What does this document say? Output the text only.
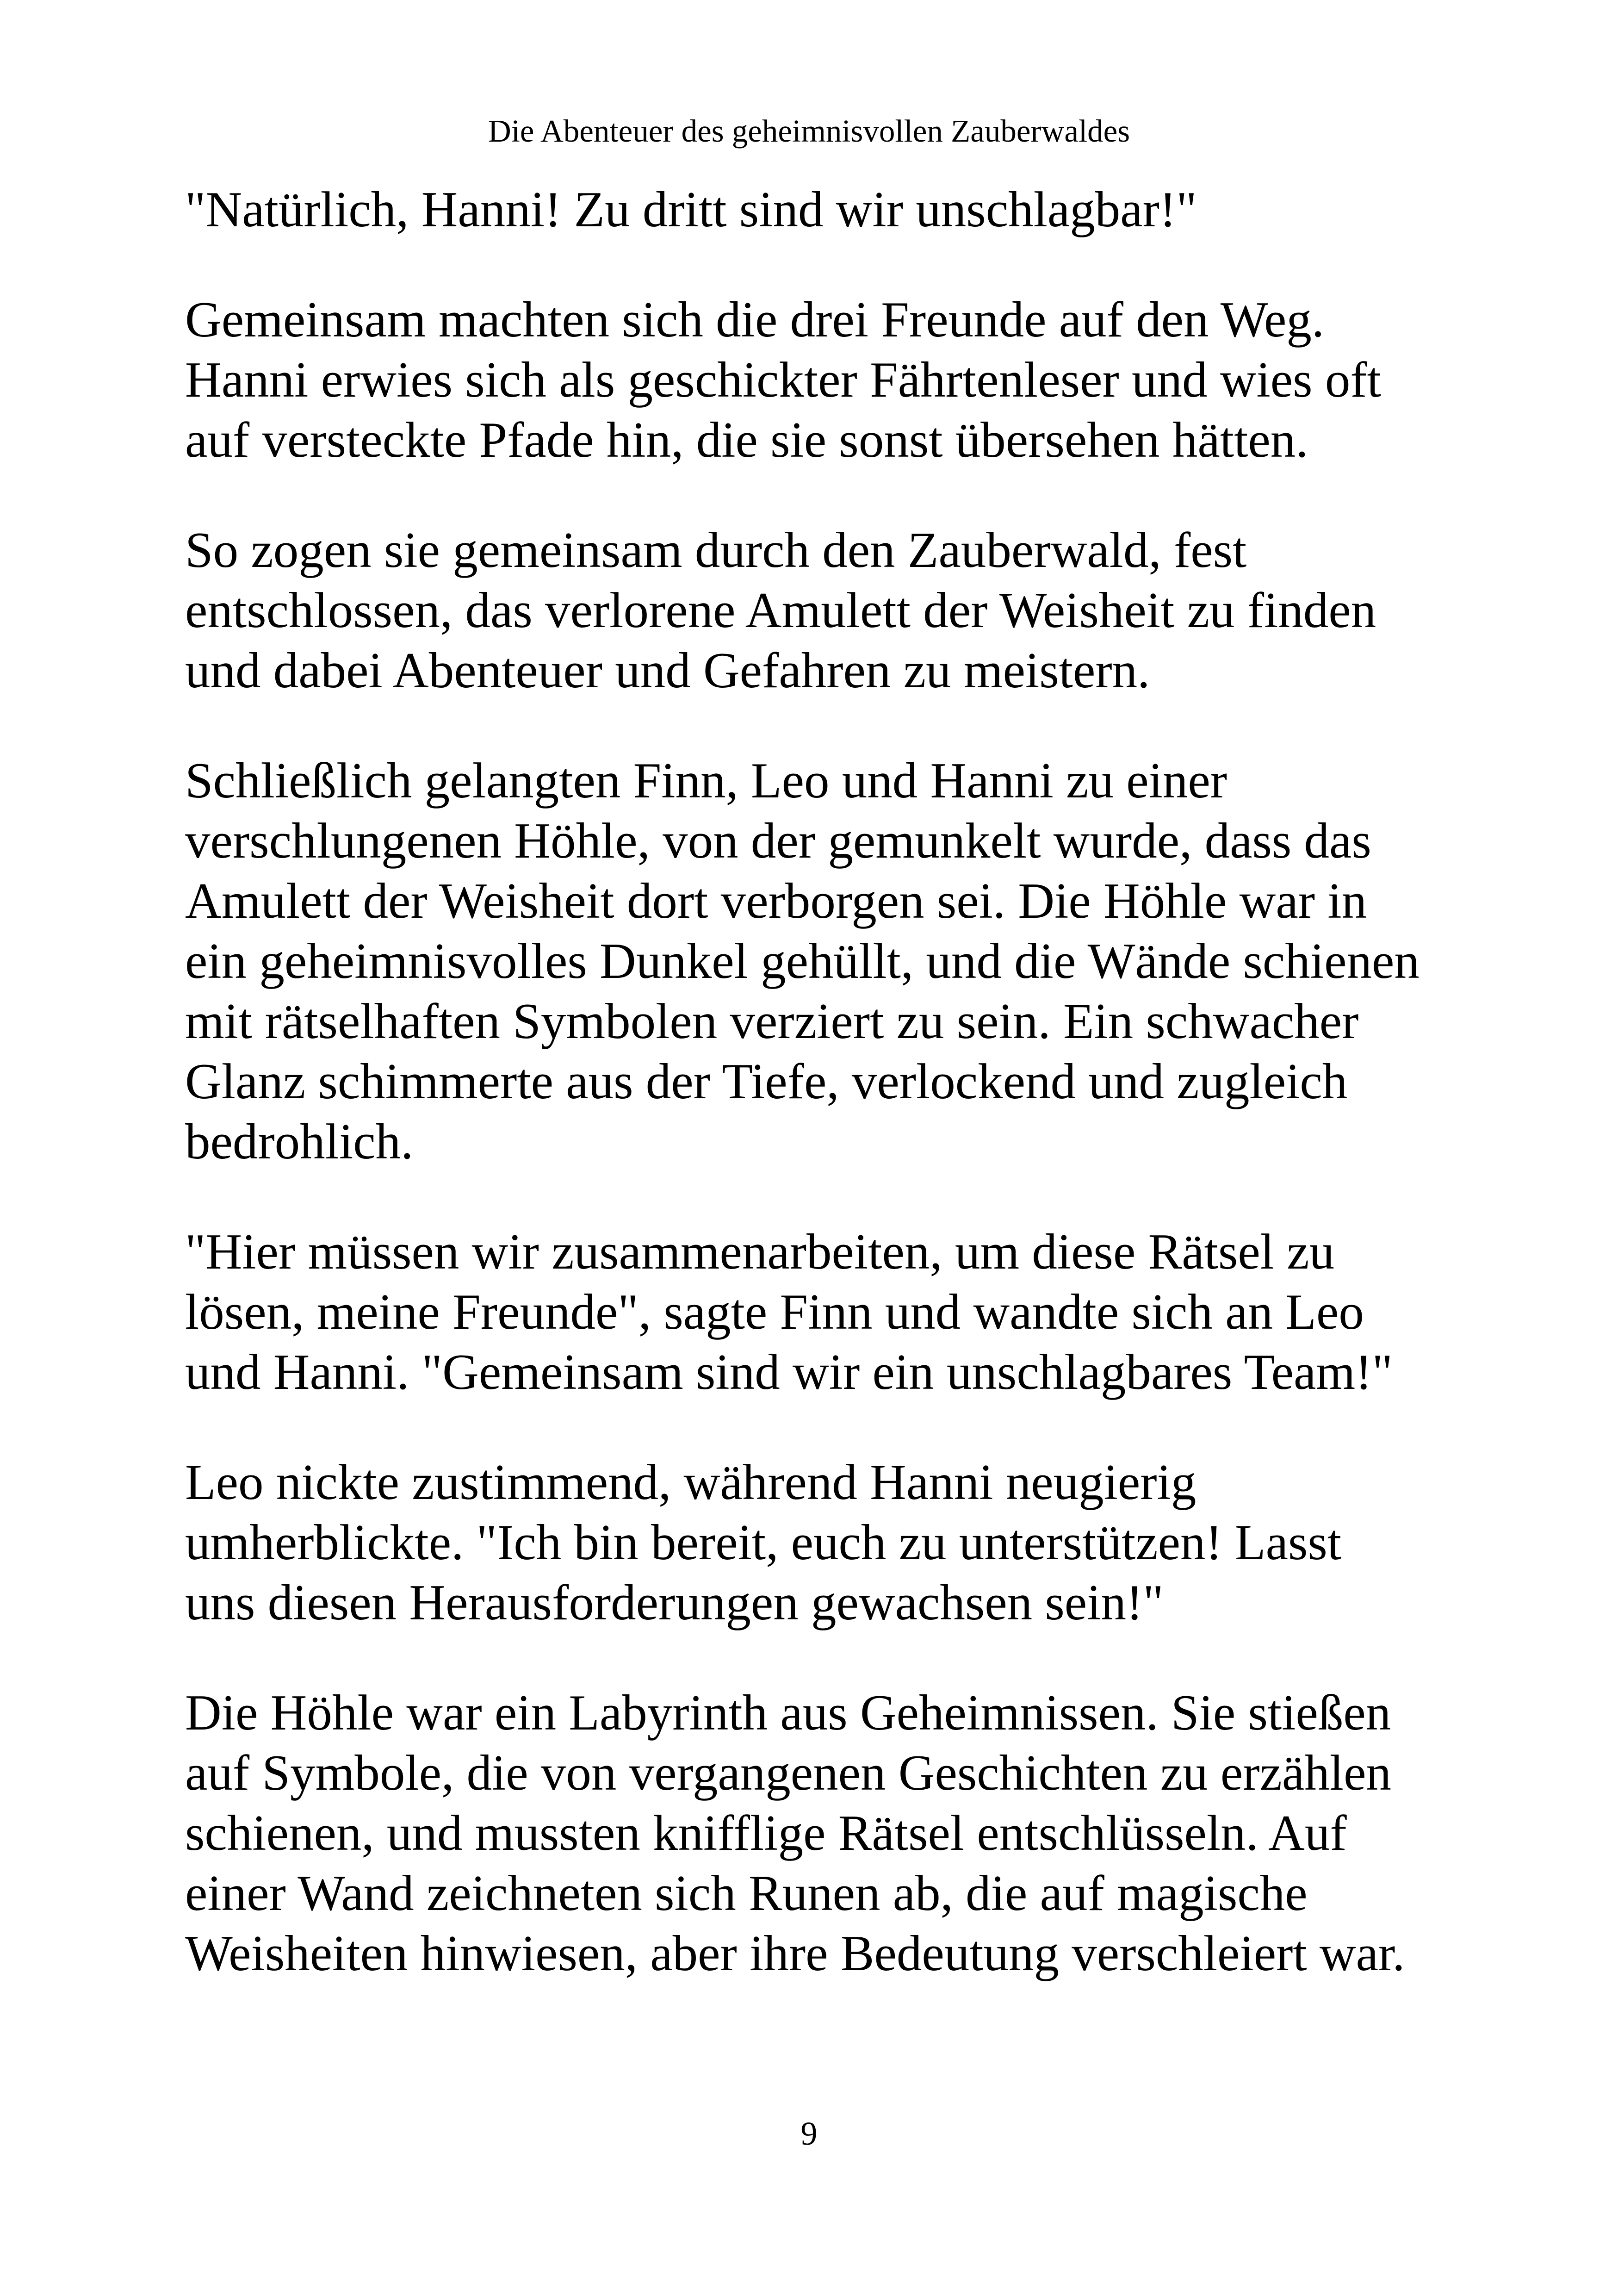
Die Abenteuer des geheimnisvollen Zauberwaldes

"Natürlich, Hanni! Zu dritt sind wir unschlagbar!"

Gemeinsam machten sich die drei Freunde auf den Weg.
Hanni erwies sich als geschickter Fährtenleser und wies oft
auf versteckte Pfade hin, die sie sonst übersehen hätten.

So zogen sie gemeinsam durch den Zauberwald, fest
entschlossen, das verlorene Amulett der Weisheit zu finden
und dabei Abenteuer und Gefahren zu meistern.

Schließlich gelangten Finn, Leo und Hanni zu einer
verschlungenen Höhle, von der gemunkelt wurde, dass das
Amulett der Weisheit dort verborgen sei. Die Höhle war in
ein geheimnisvolles Dunkel gehüllt, und die Wände schienen
mit rätselhaften Symbolen verziert zu sein. Ein schwacher
Glanz schimmerte aus der Tiefe, verlockend und zugleich
bedrohlich.

"Hier müssen wir zusammenarbeiten, um diese Rätsel zu
lösen, meine Freunde", sagte Finn und wandte sich an Leo
und Hanni. "Gemeinsam sind wir ein unschlagbares Team!"

Leo nickte zustimmend, während Hanni neugierig
umherblickte. "Ich bin bereit, euch zu unterstützen! Lasst
uns diesen Herausforderungen gewachsen sein!"

Die Höhle war ein Labyrinth aus Geheimnissen. Sie stießen
auf Symbole, die von vergangenen Geschichten zu erzählen
schienen, und mussten knifflige Rätsel entschlüsseln. Auf
einer Wand zeichneten sich Runen ab, die auf magische
Weisheiten hinwiesen, aber ihre Bedeutung verschleiert war.

9
